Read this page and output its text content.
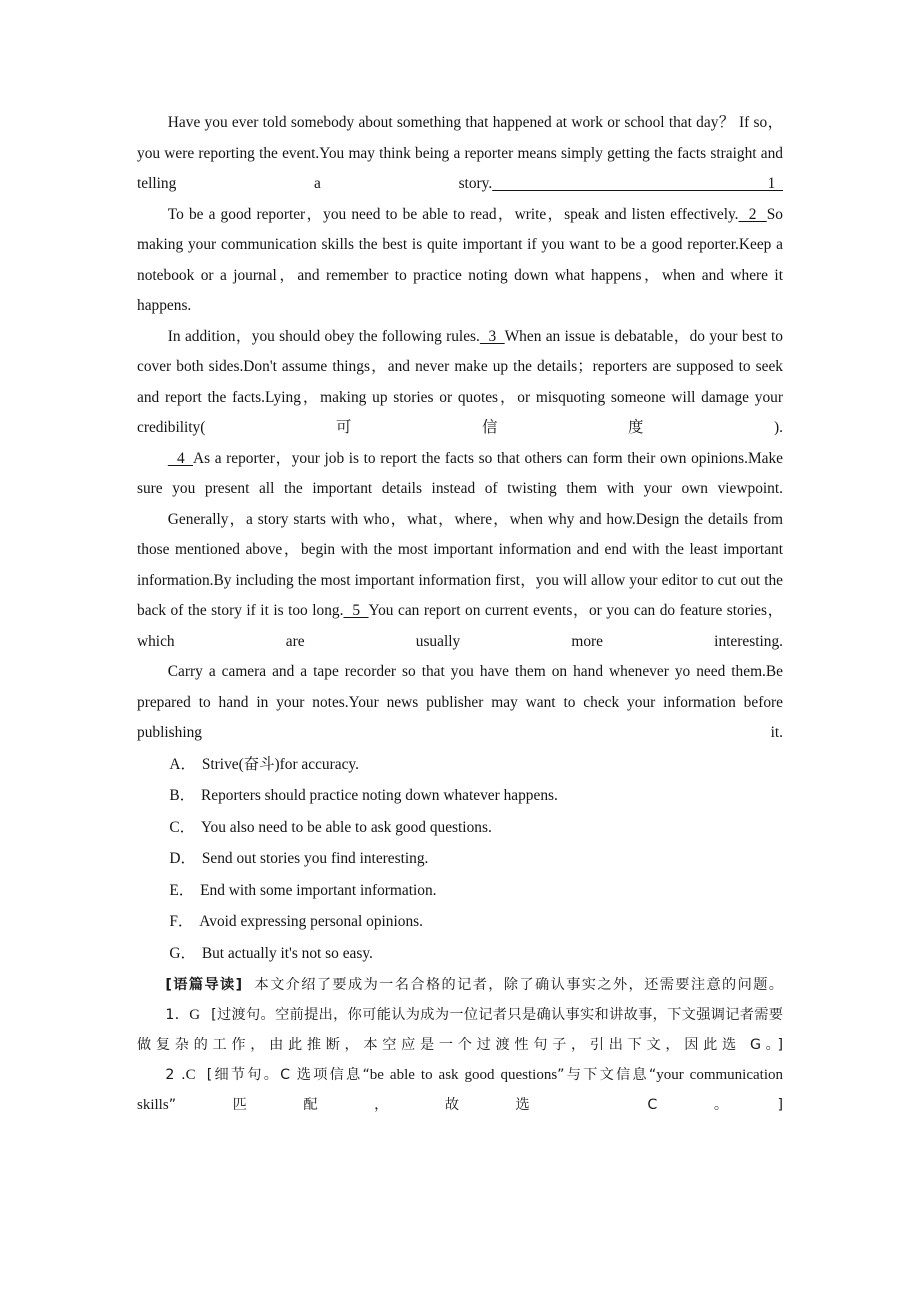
Have you ever told somebody about something that happened at work or school that day？ If so，you were reporting the event.You may think being a reporter means simply getting the facts straight and telling a story.  1

To be a good reporter，you need to be able to read，write，speak and listen effectively.  2  So making your communication skills the best is quite important if you want to be a good reporter.Keep a notebook or a journal，and remember to practice noting down what happens，when and where it happens.

In addition，you should obey the following rules.  3  When an issue is debatable，do your best to cover both sides.Don't assume things，and never make up the details；reporters are supposed to seek and report the facts.Lying，making up stories or quotes，or misquoting someone will damage your credibility(可信度).

4  As a reporter，your job is to report the facts so that others can form their own opinions.Make sure you present all the important details instead of twisting them with your own viewpoint.

Generally，a story starts with who，what，where，when why and how.Design the details from those mentioned above，begin with the most important information and end with the least important information.By including the most important information first，you will allow your editor to cut out the back of the story if it is too long.  5  You can report on current events，or you can do feature stories，which are usually more interesting.

Carry a camera and a tape recorder so that you have them on hand whenever yo need them.Be prepared to hand in your notes.Your news publisher may want to check your information before publishing it.

A． Strive(奋斗)for accuracy.
B． Reporters should practice noting down whatever happens.
C． You also need to be able to ask good questions.
D． Send out stories you find interesting.
E． End with some important information.
F． Avoid expressing personal opinions.
G． But actually it's not so easy.

[语篇导读] 本文介绍了要成为一名合格的记者，除了确认事实之外，还需要注意的问题。

1．G [过渡句。空前提出，你可能认为成为一位记者只是确认事实和讲故事，下文强调记者需要做复杂的工作，由此推断，本空应是一个过渡性句子，引出下文，因此选 G。]

2 .C [细节句。C 选项信息“be able to ask good questions”与下文信息“your communication skills”匹配，故选 C。]
